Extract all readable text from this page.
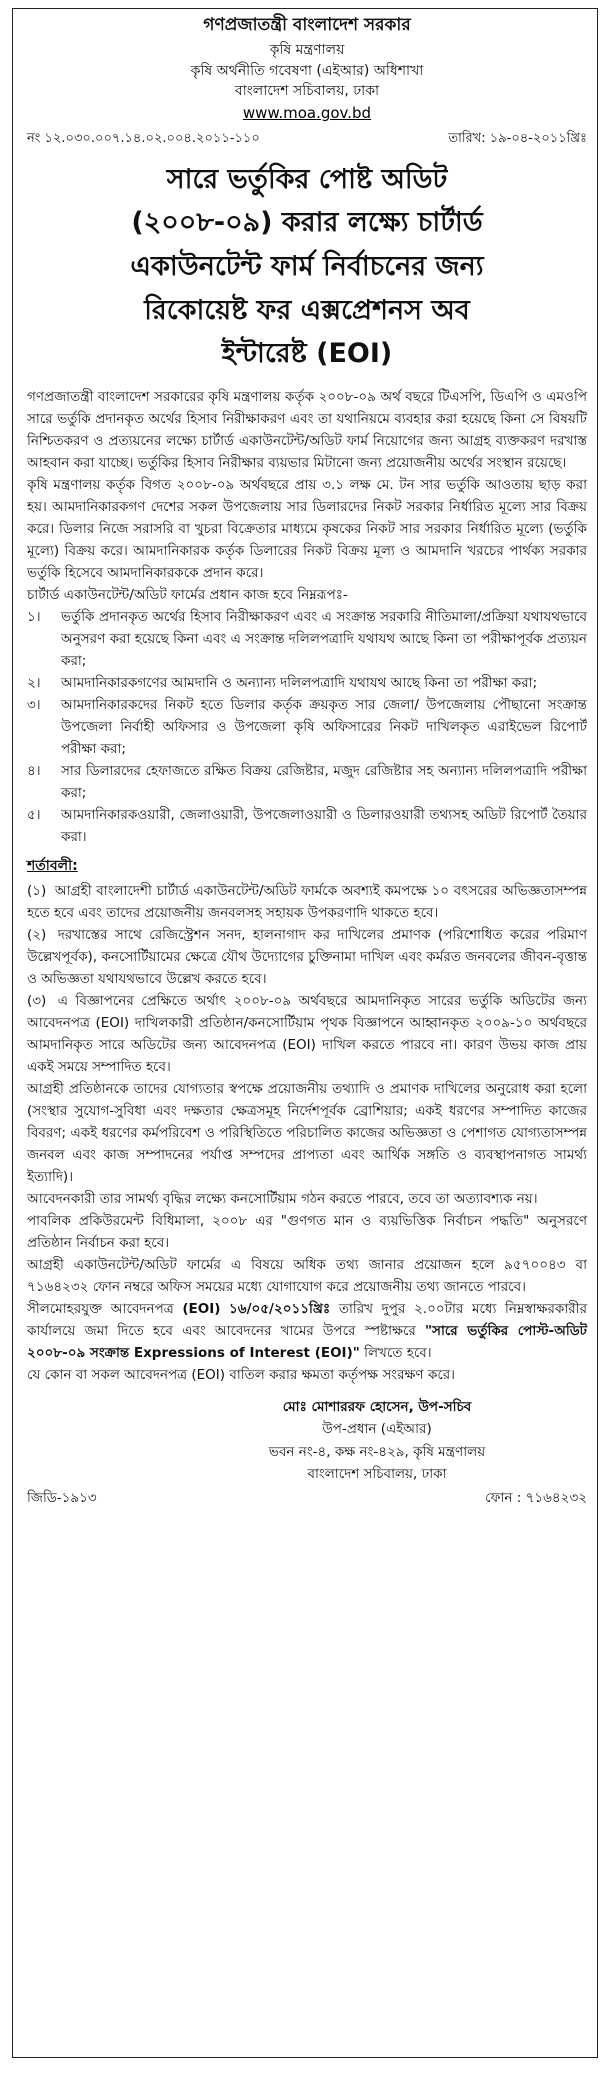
গণপ্রজাতন্ত্রী বাংলাদেশ সরকার
কৃষি মন্ত্রণালয়
কৃষি অর্থনীতি গবেষণা (এইআর) অধিশাখা
বাংলাদেশ সচিবালয়, ঢাকা
www.moa.gov.bd
নং ১২.০৩০.০০৭.১৪.০২.০০৪.২০১১-১১০	তারিখ: ১৯-০৪-২০১১খ্রিঃ
সারে ভর্তুকির পোষ্ট অডিট
(২০০৮-০৯) করার লক্ষ্যে চার্টার্ড
একাউনটেন্ট ফার্ম নির্বাচনের জন্য
রিকোয়েষ্ট ফর এক্সপ্রেশনস অব
ইন্টারেষ্ট (EOI)

গণপ্রজাতন্ত্রী বাংলাদেশ সরকারের কৃষি মন্ত্রণালয় কর্তৃক ২০০৮-০৯ অর্থ বছরে টিএসপি, ডিএপি ও এমওপি সারে ভর্তুকি প্রদানকৃত অর্থের হিসাব নিরীক্ষাকরণ এবং তা যথানিয়মে ব্যবহার করা হয়েছে কিনা সে বিষয়টি নিশ্চিতকরণ ও প্রত্যয়নের লক্ষ্যে চার্টার্ড একাউনটেন্ট/অডিট ফার্ম নিয়োগের জন্য আগ্রহ ব্যক্তকরণ দরখাস্ত আহবান করা যাচ্ছে। ভর্তুকির হিসাব নিরীক্ষার ব্যয়ভার মিটানো জন্য প্রয়োজনীয় অর্থের সংস্থান রয়েছে।

কৃষি মন্ত্রণালয় কর্তৃক বিগত ২০০৮-০৯ অর্থবছরে প্রায় ৩.১ লক্ষ মে. টন সার ভর্তুকি আওতায় ছাড় করা হয়। আমদানিকারকগণ দেশের সকল উপজেলায় সার ডিলারদের নিকট সরকার নির্ধারিত মূল্যে সার বিক্রয় করে। ডিলার নিজে সরাসরি বা খুচরা বিক্রেতার মাধ্যমে কৃষকের নিকট সার সরকার নির্ধারিত মূল্যে (ভর্তুকি মূল্যে) বিক্রয় করে। আমদানিকারক কর্তৃক ডিলারের নিকট বিক্রয় মূল্য ও আমদানি খরচের পার্থক্য সরকার ভর্তুকি হিসেবে আমদানিকারককে প্রদান করে।

চার্টার্ড একাউনটেন্ট/অডিট ফার্মের প্রধান কাজ হবে নিম্নরূপঃ-

১।	ভর্তুকি প্রদানকৃত অর্থের হিসাব নিরীক্ষাকরণ এবং এ সংক্রান্ত সরকারি নীতিমালা/প্রক্রিয়া যথাযথভাবে অনুসরণ করা হয়েছে কিনা এবং এ সংক্রান্ত দলিলপত্রাদি যথাযথ আছে কিনা তা পরীক্ষাপূর্বক প্রত্যয়ন করা;
২।	আমদানিকারকগণের আমদানি ও অন্যান্য দলিলপত্রাদি যথাযথ আছে কিনা তা পরীক্ষা করা;
৩।	আমদানিকারকদের নিকট হতে ডিলার কর্তৃক ক্রয়কৃত সার জেলা/ উপজেলায় পৌছানো সংক্রান্ত উপজেলা নির্বাহী অফিসার ও উপজেলা কৃষি অফিসারের নিকট দাখিলকৃত এরাইভেল রিপোর্ট পরীক্ষা করা;
৪।	সার ডিলারদের হেফাজতে রক্ষিত বিক্রয় রেজিষ্টার, মজুদ রেজিষ্টার সহ অন্যান্য দলিলপত্রাদি পরীক্ষা করা;
৫।	আমদানিকারকওয়ারী, জেলাওয়ারী, উপজেলাওয়ারী ও ডিলারওয়ারী তথ্যসহ অডিট রিপোর্ট তৈয়ার করা।
শর্তাবলী:

(১) আগ্রহী বাংলাদেশী চার্টার্ড একাউনটেন্ট/অডিট ফার্মকে অবশ্যই কমপক্ষে ১০ বৎসরের অভিজ্ঞতাসম্পন্ন হতে হবে এবং তাদের প্রয়োজনীয় জনবলসহ সহায়ক উপকরণাদি থাকতে হবে।

(২) দরখাস্তের সাথে রেজিস্ট্রেশন সনদ, হালনাগাদ কর দাখিলের প্রমাণক (পরিশোধিত করের পরিমাণ উল্লেখপূর্বক), কনসোর্টিয়ামের ক্ষেত্রে যৌথ উদ্যোগের চুক্তিনামা দাখিল এবং কর্মরত জনবলের জীবন-বৃত্তান্ত ও অভিজ্ঞতা যথাযথভাবে উল্লেখ করতে হবে।

(৩) এ বিজ্ঞাপনের প্রেক্ষিতে অর্থাৎ ২০০৮-০৯ অর্থবছরে আমদানিকৃত সারের ভর্তুকি অডিটের জন্য আবেদনপত্র (EOI) দাখিলকারী প্রতিষ্ঠান/কনসোর্টিয়াম পৃথক বিজ্ঞাপনে আহ্বানকৃত ২০০৯-১০ অর্থবছরে আমদানিকৃত সারে অডিটের জন্য আবেদনপত্র (EOI) দাখিল করতে পারবে না। কারণ উভয় কাজ প্রায় একই সময়ে সম্পাদিত হবে।

আগ্রহী প্রতিষ্ঠানকে তাদের যোগ্যতার স্বপক্ষে প্রয়োজনীয় তথ্যাদি ও প্রমাণক দাখিলের অনুরোধ করা হলো (সংস্থার সুযোগ-সুবিধা এবং দক্ষতার ক্ষেত্রসমূহ নির্দেশপূর্বক ব্রোশিয়ার; একই ধরণের সম্পাদিত কাজের বিবরণ; একই ধরণের কর্মপরিবেশ ও পরিস্থিতিতে পরিচালিত কাজের অভিজ্ঞতা ও পেশাগত যোগ্যতাসম্পন্ন জনবল এবং কাজ সম্পাদনের পর্যাপ্ত সম্পদের প্রাপ্যতা এবং আর্থিক সঙ্গতি ও ব্যবস্থাপনাগত সামর্থ্য ইত্যাদি)।

আবেদনকারী তার সামর্থ্য বৃদ্ধির লক্ষ্যে কনসোর্টিয়াম গঠন করতে পারবে, তবে তা অত্যাবশ্যক নয়।

পাবলিক প্রকিউরমেন্ট বিধিমালা, ২০০৮ এর "গুণগত মান ও ব্যয়ভিত্তিক নির্বাচন পদ্ধতি" অনুসরণে প্রতিষ্ঠান নির্বাচন করা হবে।

আগ্রহী একাউনটেন্ট/অডিট ফার্মের এ বিষয়ে অধিক তথ্য জানার প্রয়োজন হলে ৯৫৭০০৪৩ বা ৭১৬৪২৩২ ফোন নম্বরে অফিস সময়ের মধ্যে যোগাযোগ করে প্রয়োজনীয় তথ্য জানতে পারবে।

সীলমোহরযুক্ত আবেদনপত্র (EOI) ১৬/০৫/২০১১খ্রিঃ তারিখ দুপুর ২.০০টার মধ্যে নিম্নস্বাক্ষরকারীর কার্যালয়ে জমা দিতে হবে এবং আবেদনের খামের উপরে স্পষ্টাক্ষরে "সারে ভর্তুকির পোস্ট-অডিট ২০০৮-০৯ সংক্রান্ত Expressions of Interest (EOI)" লিখতে হবে।

যে কোন বা সকল আবেদনপত্র (EOI) বাতিল করার ক্ষমতা কর্তৃপক্ষ সংরক্ষণ করে।

মোঃ মোশাররফ হোসেন, উপ-সচিব
উপ-প্রধান (এইআর)
ভবন নং-৪, কক্ষ নং-৪২৯, কৃষি মন্ত্রণালয়
বাংলাদেশ সচিবালয়, ঢাকা
জিডি-১৯১৩	ফোন : ৭১৬৪২৩২
